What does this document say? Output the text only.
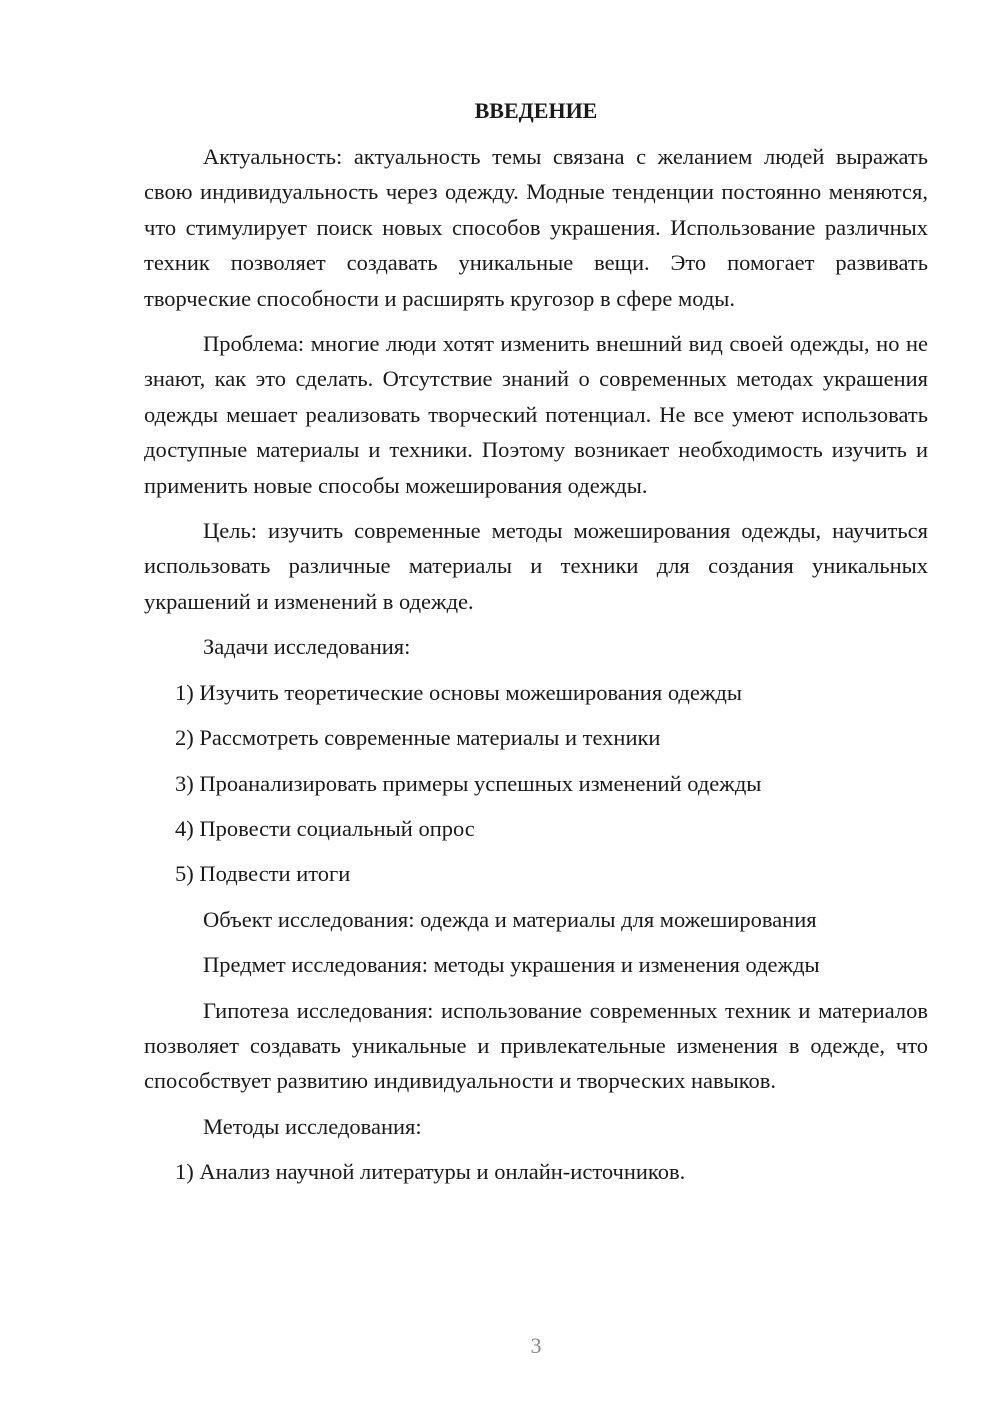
ВВЕДЕНИЕ

Актуальность: актуальность темы связана с желанием людей выражать свою индивидуальность через одежду. Модные тенденции постоянно меняются, что стимулирует поиск новых способов украшения. Использование различных техник позволяет создавать уникальные вещи. Это помогает развивать творческие способности и расширять кругозор в сфере моды.

Проблема: многие люди хотят изменить внешний вид своей одежды, но не знают, как это сделать. Отсутствие знаний о современных методах украшения одежды мешает реализовать творческий потенциал. Не все умеют использовать доступные материалы и техники. Поэтому возникает необходимость изучить и применить новые способы можеширования одежды.

Цель: изучить современные методы можеширования одежды, научиться использовать различные материалы и техники для создания уникальных украшений и изменений в одежде.

Задачи исследования:

1) Изучить теоретические основы можеширования одежды

2) Рассмотреть современные материалы и техники

3) Проанализировать примеры успешных изменений одежды

4) Провести социальный опрос

5) Подвести итоги

Объект исследования: одежда и материалы для можеширования

Предмет исследования: методы украшения и изменения одежды

Гипотеза исследования: использование современных техник и материалов позволяет создавать уникальные и привлекательные изменения в одежде, что способствует развитию индивидуальности и творческих навыков.

Методы исследования:

1) Анализ научной литературы и онлайн-источников.

3
